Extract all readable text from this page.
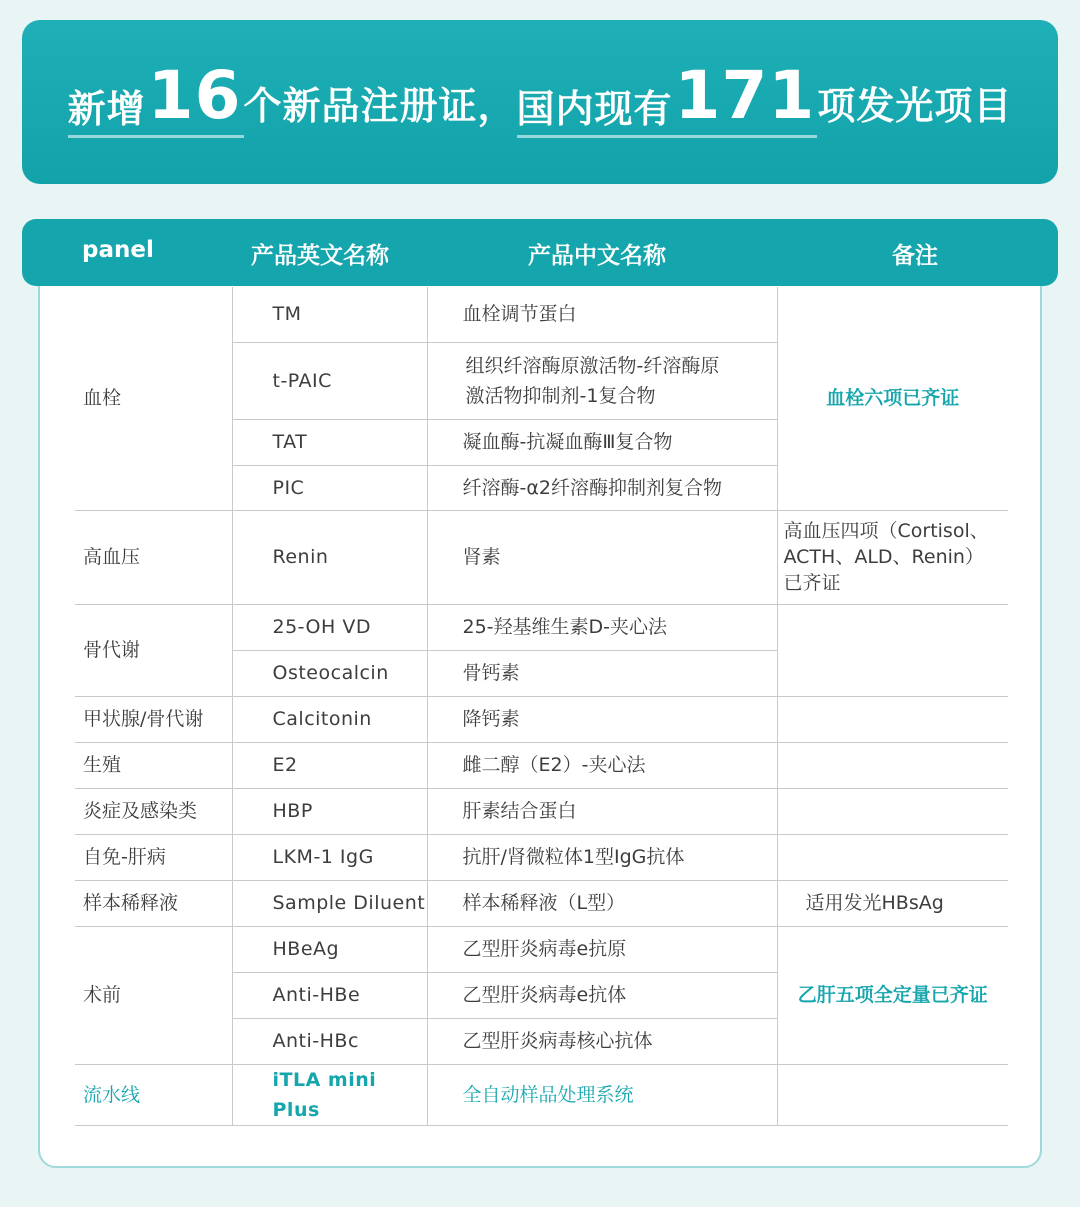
新增16 个新品注册证， 国内现有171 项发光项目
panel	产品英文名称	产品中文名称	备注
血栓	TM	血栓调节蛋白	血栓六项已齐证
	t-PAIC	组织纤溶酶原激活物-纤溶酶原
激活物抑制剂-1复合物	

	TAT	凝血酶-抗凝血酶Ⅲ复合物	
	PIC	纤溶酶-α2纤溶酶抑制剂复合物	
高血压	Renin	肾素	高血压四项（Cortisol、
ACTH、ALD、Renin）
已齐证

骨代谢	25-OH VD	25-羟基维生素D-夹心法	
	Osteocalcin	骨钙素	
甲状腺/骨代谢	Calcitonin	降钙素	
生殖	E2	雌二醇（E2）-夹心法	
炎症及感染类	HBP	肝素结合蛋白	
自免-肝病	LKM-1 IgG	抗肝/肾微粒体1型IgG抗体	
样本稀释液	Sample Diluent	样本稀释液（L型）	适用发光HBsAg
术前	HBeAg	乙型肝炎病毒e抗原	乙肝五项全定量已齐证
	Anti-HBe	乙型肝炎病毒e抗体	
	Anti-HBc	乙型肝炎病毒核心抗体	
流水线	iTLA mini Plus	全自动样品处理系统	
